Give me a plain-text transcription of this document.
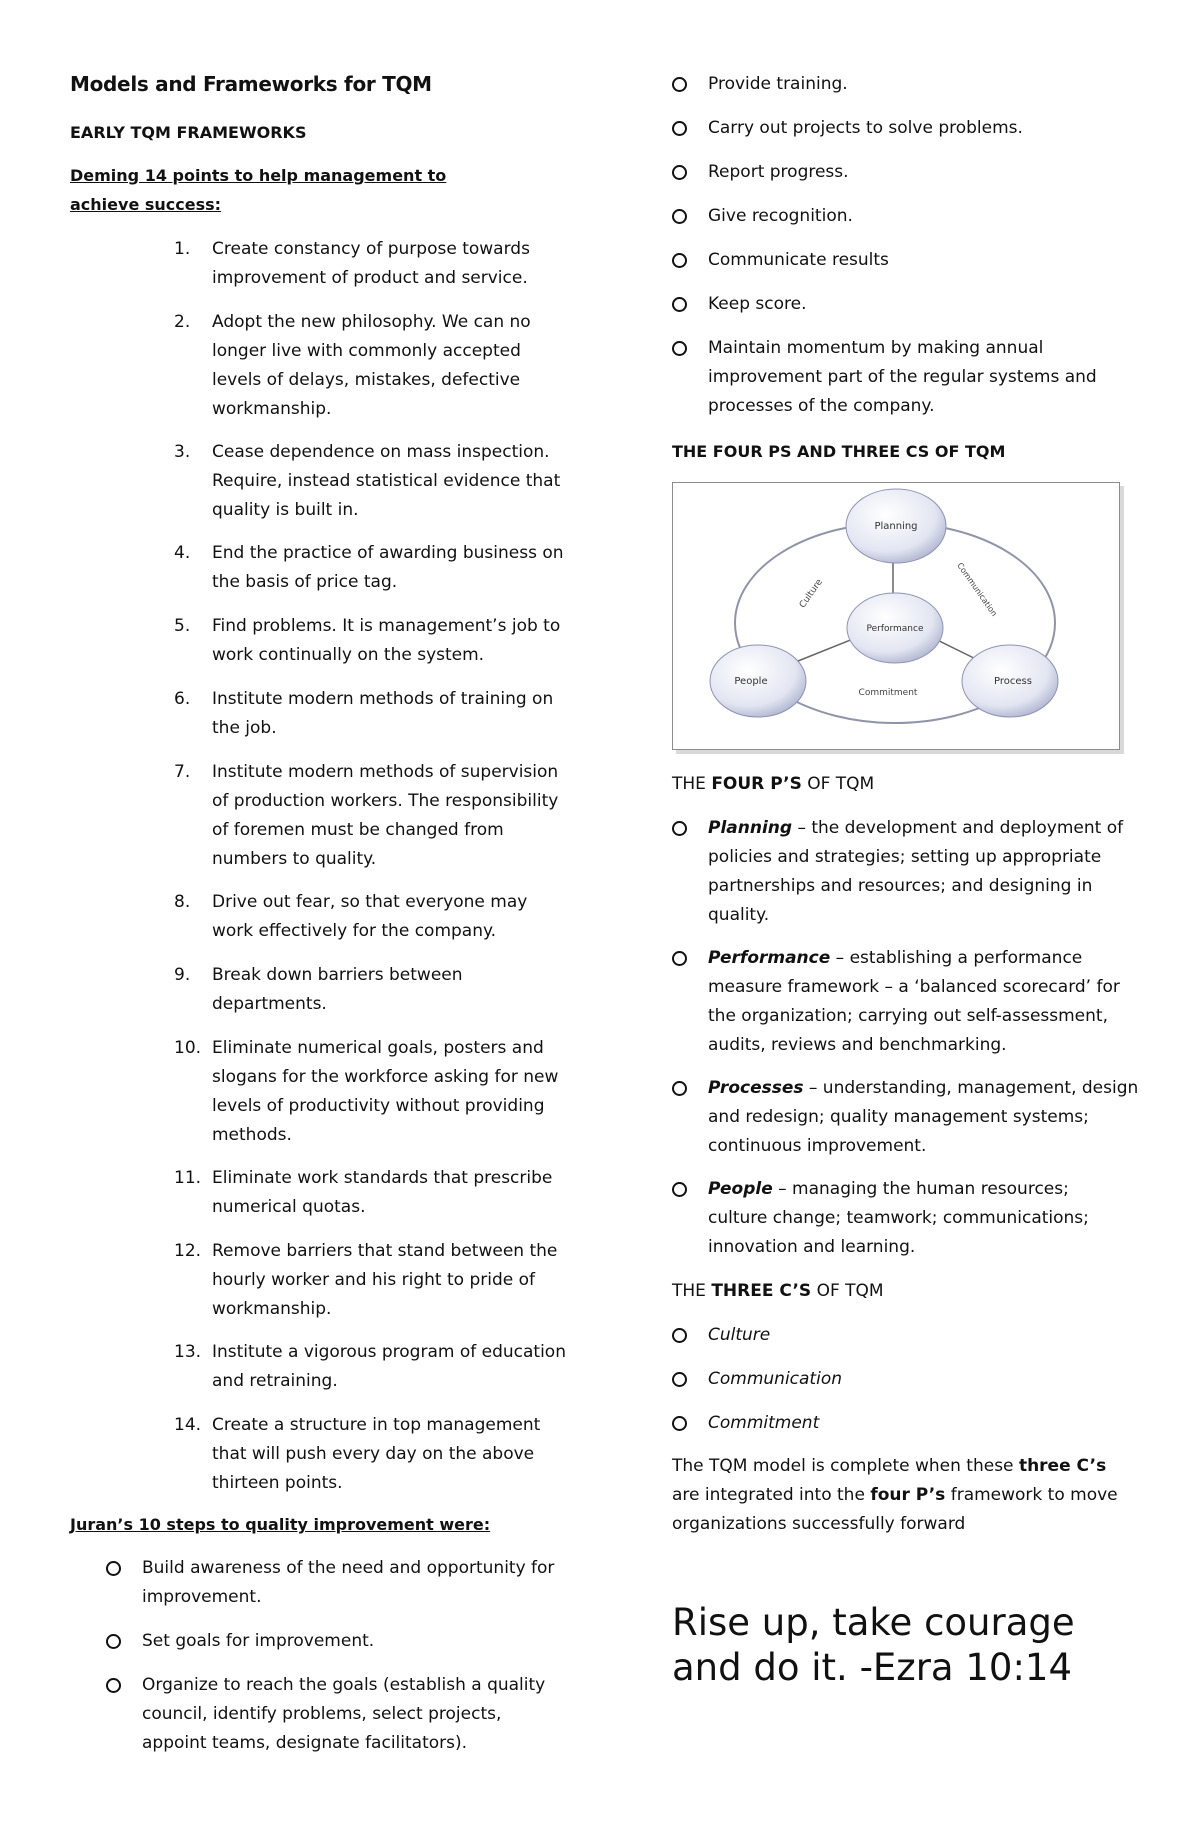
Models and Frameworks for TQM
EARLY TQM FRAMEWORKS
Deming 14 points to help management to achieve success:
1.	Create constancy of purpose towards improvement of product and service.
2.	Adopt the new philosophy. We can no longer live with commonly accepted levels of delays, mistakes, defective workmanship.
3.	Cease dependence on mass inspection. Require, instead statistical evidence that quality is built in.
4.	End the practice of awarding business on the basis of price tag.
5.	Find problems. It is management’s job to work continually on the system.
6.	Institute modern methods of training on the job.
7.	Institute modern methods of supervision of production workers. The responsibility of foremen must be changed from numbers to quality.
8.	Drive out fear, so that everyone may work effectively for the company.
9.	Break down barriers between departments.
10. Eliminate numerical goals, posters and slogans for the workforce asking for new levels of productivity without providing methods.
11. Eliminate work standards that prescribe numerical quotas.
12. Remove barriers that stand between the hourly worker and his right to pride of workmanship.
13. Institute a vigorous program of education and retraining.
14. Create a structure in top management that will push every day on the above thirteen points.
Juran’s 10 steps to quality improvement were:
Build awareness of the need and opportunity for improvement.
Set goals for improvement.
Organize to reach the goals (establish a quality council, identify problems, select projects, appoint teams, designate facilitators).
Provide training.
Carry out projects to solve problems.
Report progress.
Give recognition.
Communicate results
Keep score.
Maintain momentum by making annual improvement part of the regular systems and processes of the company.
THE FOUR PS AND THREE CS OF TQM
Planning
Performance
People	Process
Culture	Communication
Commitment
THE FOUR P’S OF TQM
Planning – the development and deployment of policies and strategies; setting up appropriate partnerships and resources; and designing in quality.
Performance – establishing a performance measure framework – a ‘balanced scorecard’ for the organization; carrying out self-assessment, audits, reviews and benchmarking.
Processes – understanding, management, design and redesign; quality management systems; continuous improvement.
People – managing the human resources; culture change; teamwork; communications; innovation and learning.
THE THREE C’S OF TQM
Culture
Communication
Commitment
The TQM model is complete when these three C’s are integrated into the four P’s framework to move organizations successfully forward
Rise up, take courage and do it. -Ezra 10:14
